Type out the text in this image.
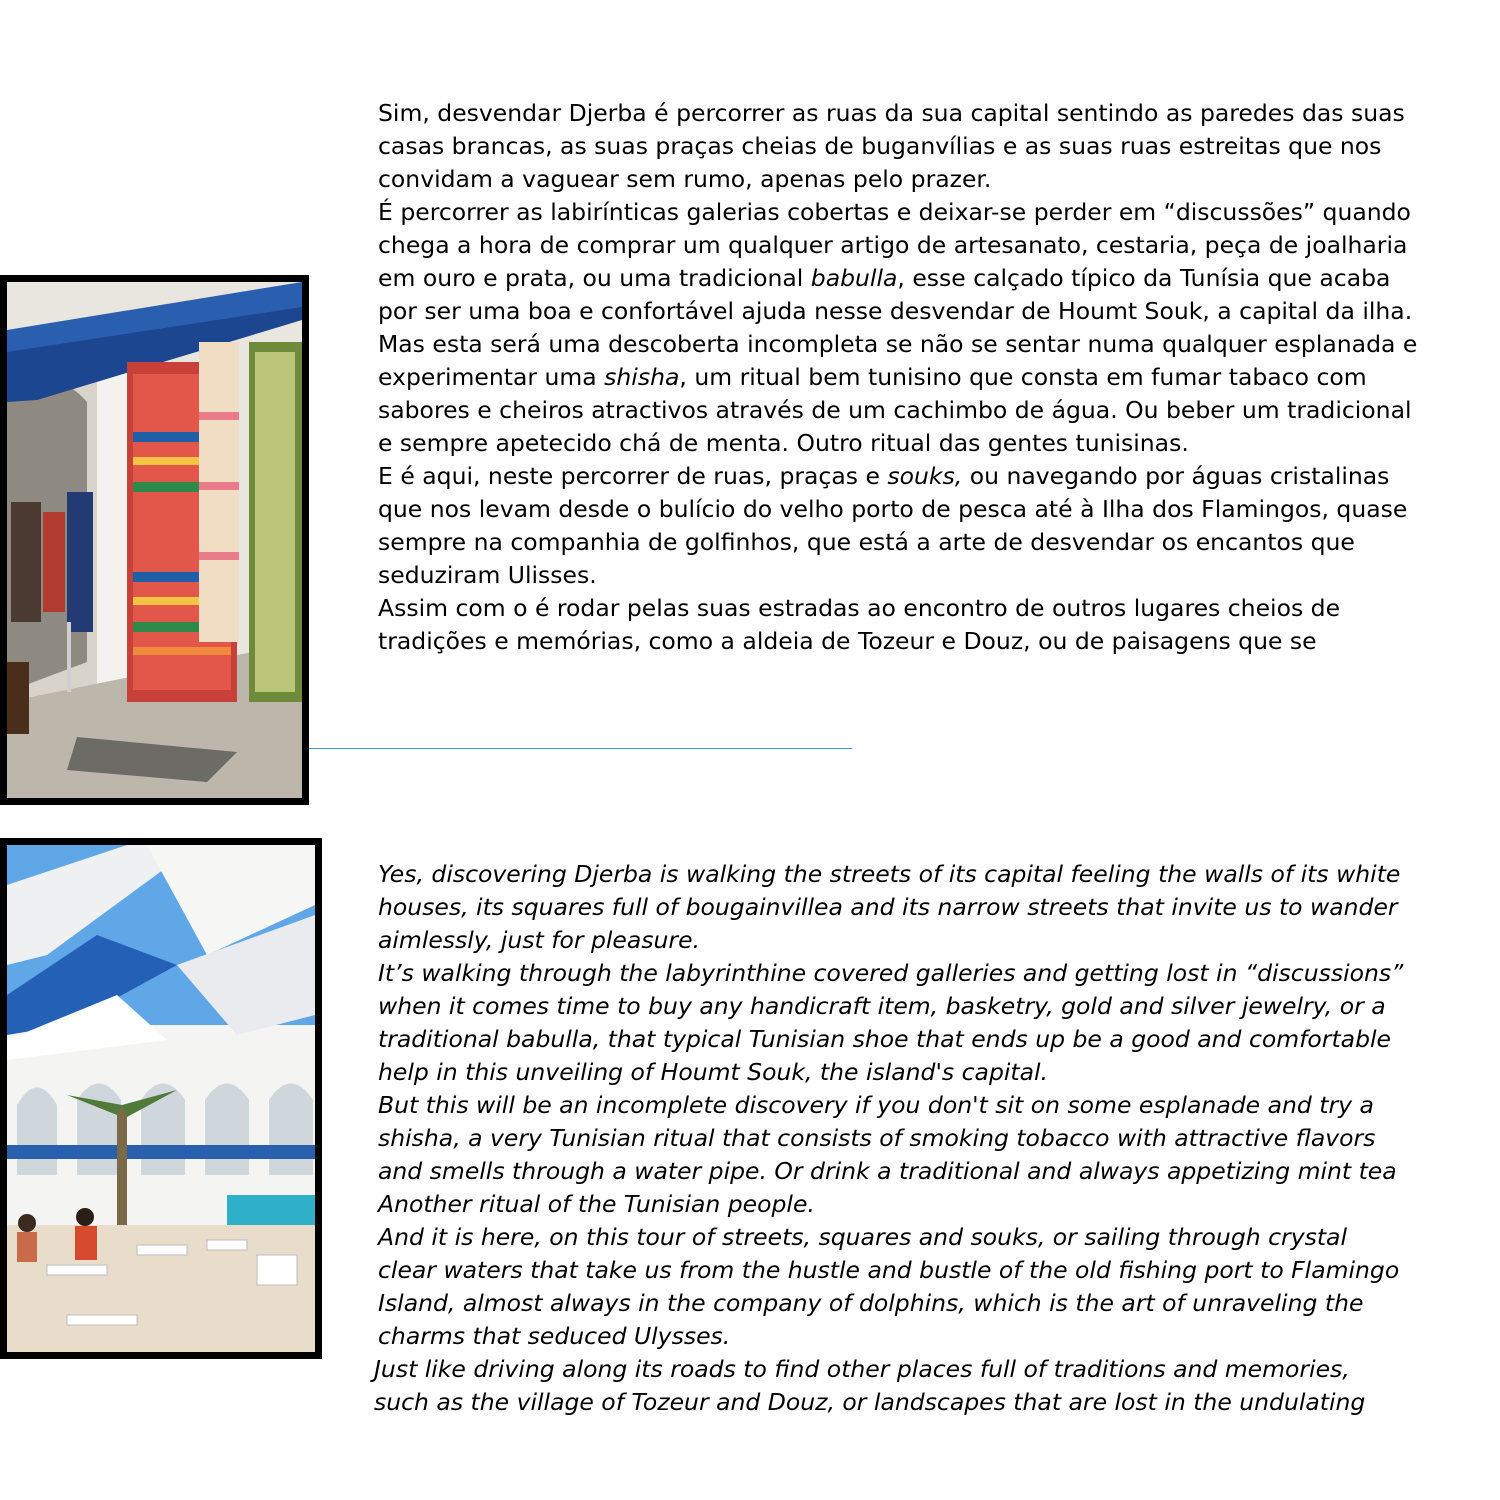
Sim, desvendar Djerba é percorrer as ruas da sua capital sentindo as paredes das suas
casas brancas, as suas praças cheias de buganvílias e as suas ruas estreitas que nos
convidam a vaguear sem rumo, apenas pelo prazer.
É percorrer as labirínticas galerias cobertas e deixar-se perder em “discussões” quando
chega a hora de comprar um qualquer artigo de artesanato, cestaria, peça de joalharia
em ouro e prata, ou uma tradicional babulla, esse calçado típico da Tunísia que acaba
por ser uma boa e confortável ajuda nesse desvendar de Houmt Souk, a capital da ilha.
Mas esta será uma descoberta incompleta se não se sentar numa qualquer esplanada e
experimentar uma shisha, um ritual bem tunisino que consta em fumar tabaco com
sabores e cheiros atractivos através de um cachimbo de água. Ou beber um tradicional
e sempre apetecido chá de menta. Outro ritual das gentes tunisinas.
E é aqui, neste percorrer de ruas, praças e souks, ou navegando por águas cristalinas
que nos levam desde o bulício do velho porto de pesca até à Ilha dos Flamingos, quase
sempre na companhia de golfinhos, que está a arte de desvendar os encantos que
seduziram Ulisses.
Assim com o é rodar pelas suas estradas ao encontro de outros lugares cheios de
tradições e memórias, como a aldeia de Tozeur e Douz, ou de paisagens que se
Yes, discovering Djerba is walking the streets of its capital feeling the walls of its white
houses, its squares full of bougainvillea and its narrow streets that invite us to wander
aimlessly, just for pleasure.
It’s walking through the labyrinthine covered galleries and getting lost in “discussions”
when it comes time to buy any handicraft item, basketry, gold and silver jewelry, or a
traditional babulla, that typical Tunisian shoe that ends up be a good and comfortable
help in this unveiling of Houmt Souk, the island's capital.
But this will be an incomplete discovery if you don't sit on some esplanade and try a
shisha, a very Tunisian ritual that consists of smoking tobacco with attractive flavors
and smells through a water pipe. Or drink a traditional and always appetizing mint tea
Another ritual of the Tunisian people.
And it is here, on this tour of streets, squares and souks, or sailing through crystal
clear waters that take us from the hustle and bustle of the old fishing port to Flamingo
Island, almost always in the company of dolphins, which is the art of unraveling the
charms that seduced Ulysses.
Just like driving along its roads to find other places full of traditions and memories,
such as the village of Tozeur and Douz, or landscapes that are lost in the undulating
